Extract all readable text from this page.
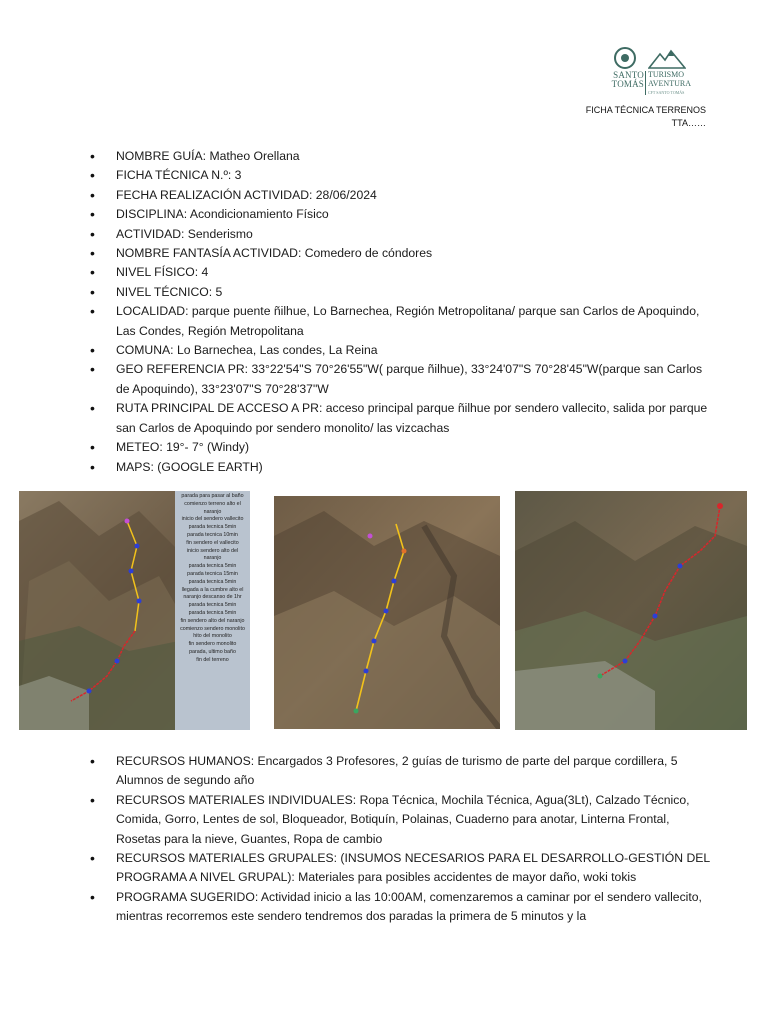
SANTO TOMÁS
TURISMO AVENTURA
CFT SANTO TOMÁS
FICHA TÉCNICA TERRENOS
TTA……
• NOMBRE GUÍA: Matheo Orellana
• FICHA TÉCNICA N.º: 3
• FECHA REALIZACIÓN ACTIVIDAD: 28/06/2024
• DISCIPLINA: Acondicionamiento Físico
• ACTIVIDAD: Senderismo
• NOMBRE FANTASÍA ACTIVIDAD: Comedero de cóndores
• NIVEL FÍSICO: 4
• NIVEL TÉCNICO: 5
• LOCALIDAD: parque puente ñilhue, Lo Barnechea, Región Metropolitana/ parque san Carlos de Apoquindo, Las Condes, Región Metropolitana
• COMUNA: Lo Barnechea, Las condes, La Reina
• GEO REFERENCIA PR: 33°22'54"S 70°26'55"W( parque ñilhue), 33°24'07"S 70°28'45"W(parque san Carlos de Apoquindo), 33°23'07"S 70°28'37"W
• RUTA PRINCIPAL DE ACCESO A PR: acceso principal parque ñilhue por sendero vallecito, salida por parque san Carlos de Apoquindo por sendero monolito/ las vizcachas
• METEO: 19°- 7° (Windy)
• MAPS: (GOOGLE EARTH)
parada para pasar al baño
comienzo terreno alto el
naranjo
inicio del sendero vallecito
parada tecnica 5min
parada tecnica 10min
fin sendero el vallecito
inicio sendero alto del
naranjo
parada tecnica 5min
parada tecnica 15min
parada tecnica 5min
llegada a la cumbre alto el
naranjo descanso de 1hr
parada tecnica 5min
parada tecnica 5min
fin sendero alto del naranjo
comienzo sendero monolito
hito del monolito
fin sendero monolito
parada, ultimo baño
fin del terreno
• RECURSOS HUMANOS: Encargados 3 Profesores, 2 guías de turismo de parte del parque cordillera, 5 Alumnos de segundo año
• RECURSOS MATERIALES INDIVIDUALES: Ropa Técnica, Mochila Técnica, Agua(3Lt), Calzado Técnico, Comida, Gorro, Lentes de sol, Bloqueador, Botiquín, Polainas, Cuaderno para anotar, Linterna Frontal, Rosetas para la nieve, Guantes, Ropa de cambio
• RECURSOS MATERIALES GRUPALES: (INSUMOS NECESARIOS PARA EL DESARROLLO-GESTIÓN DEL PROGRAMA A NIVEL GRUPAL): Materiales para posibles accidentes de mayor daño, woki tokis
• PROGRAMA SUGERIDO: Actividad inicio a las 10:00AM, comenzaremos a caminar por el sendero vallecito, mientras recorremos este sendero tendremos dos paradas la primera de 5 minutos y la
